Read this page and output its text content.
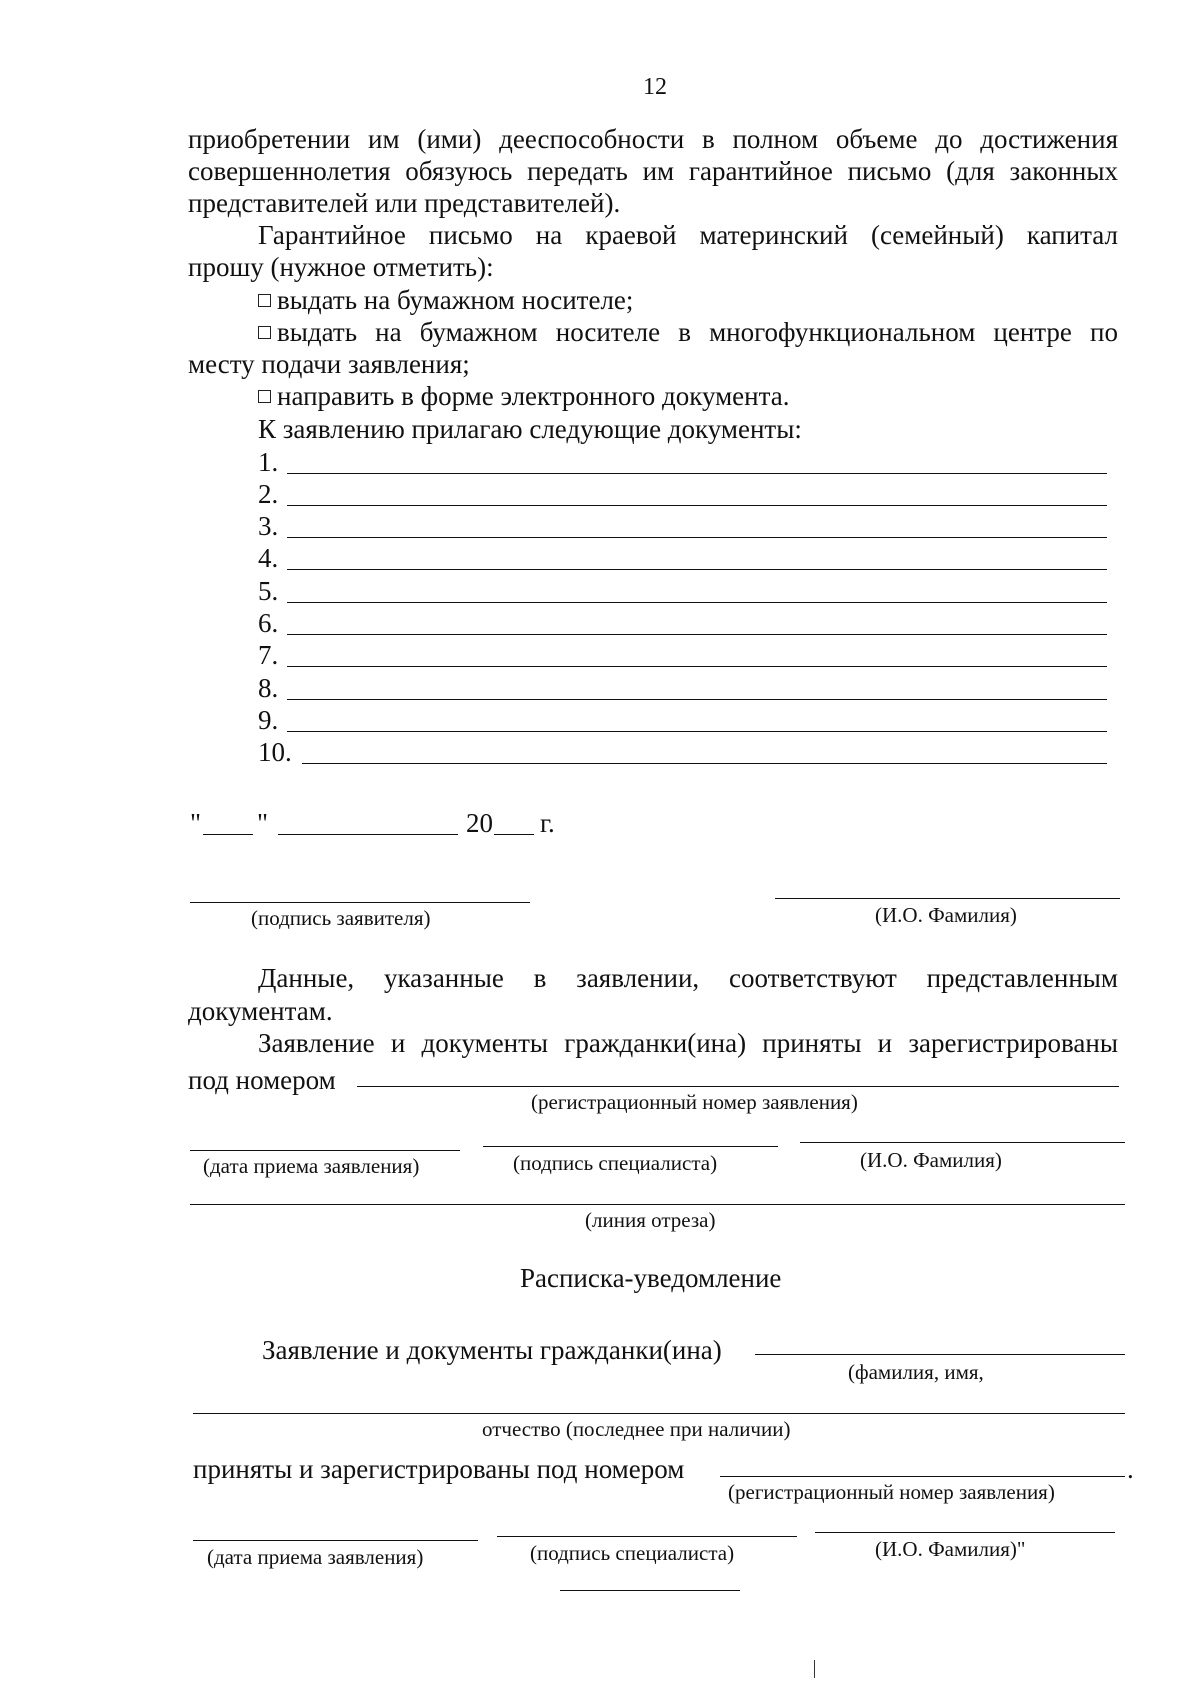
12
приобретении им (ими) дееспособности в полном объеме до достижения
совершеннолетия обязуюсь передать им гарантийное письмо (для законных
представителей или представителей).
Гарантийное письмо на краевой материнский (семейный) капитал
прошу (нужное отметить):
выдать на бумажном носителе;
выдать на бумажном носителе в многофункциональном центре по
месту подачи заявления;
направить в форме электронного документа.
К заявлению прилагаю следующие документы:
1.
2.
3.
4.
5.
6.
7.
8.
9.
10.
" "	20 г.
(подпись заявителя)	(И.О. Фамилия)
Данные, указанные в заявлении, соответствуют представленным
документам.
Заявление и документы гражданки(ина) приняты и зарегистрированы
под номером
(регистрационный номер заявления)
(дата приема заявления)	(подпись специалиста)	(И.О. Фамилия)
(линия отреза)
Расписка-уведомление
Заявление и документы гражданки(ина)
(фамилия, имя,
отчество (последнее при наличии)
приняты и зарегистрированы под номером	.
(регистрационный номер заявления)
(дата приема заявления)	(подпись специалиста)	(И.О. Фамилия)"
